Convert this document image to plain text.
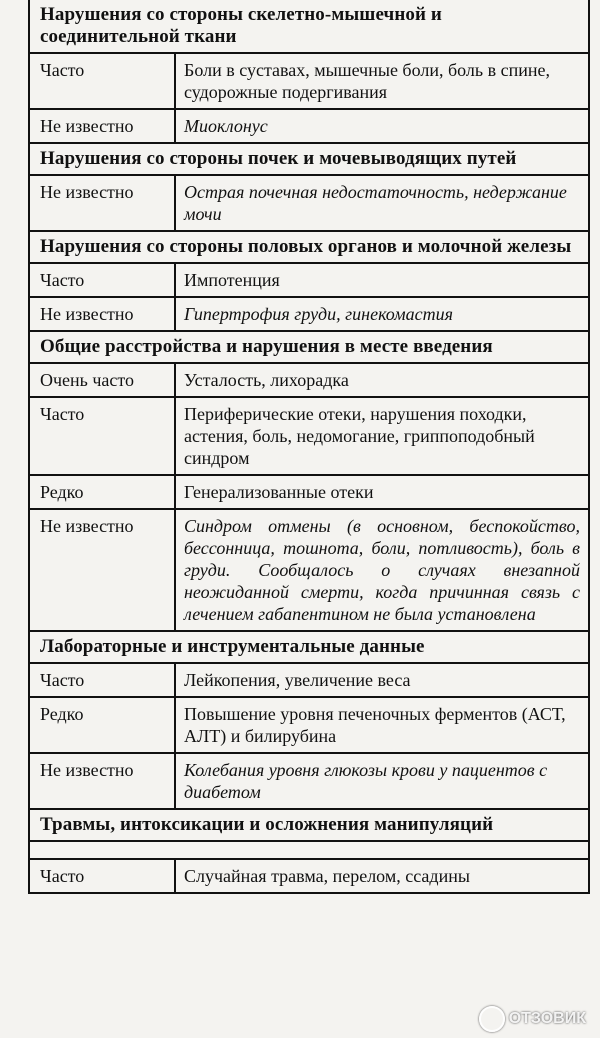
Нарушения со стороны скелетно-мышечной и соединительной ткани
Часто	Боли в суставах, мышечные боли, боль в спине, судорожные подергивания
Не известно	Миоклонус
Нарушения со стороны почек и мочевыводящих путей
Не известно	Острая почечная недостаточность, недержание мочи
Нарушения со стороны половых органов и молочной железы
Часто	Импотенция
Не известно	Гипертрофия груди, гинекомастия
Общие расстройства и нарушения в месте введения
Очень часто	Усталость, лихорадка
Часто	Периферические отеки, нарушения походки, астения, боль, недомогание, гриппоподобный синдром
Редко	Генерализованные отеки
Не известно	Синдром отмены (в основном, беспокойство, бессонница, тошнота, боли, потливость), боль в груди. Сообщалось о случаях внезапной неожиданной смерти, когда причинная связь с лечением габапентином не была установлена
Лабораторные и инструментальные данные
Часто	Лейкопения, увеличение веса
Редко	Повышение уровня печеночных ферментов (АСТ, АЛТ) и билирубина
Не известно	Колебания уровня глюкозы крови у пациентов с диабетом
Травмы, интоксикации и осложнения манипуляций
Часто	Случайная травма, перелом, ссадины
ОТЗОВИК
